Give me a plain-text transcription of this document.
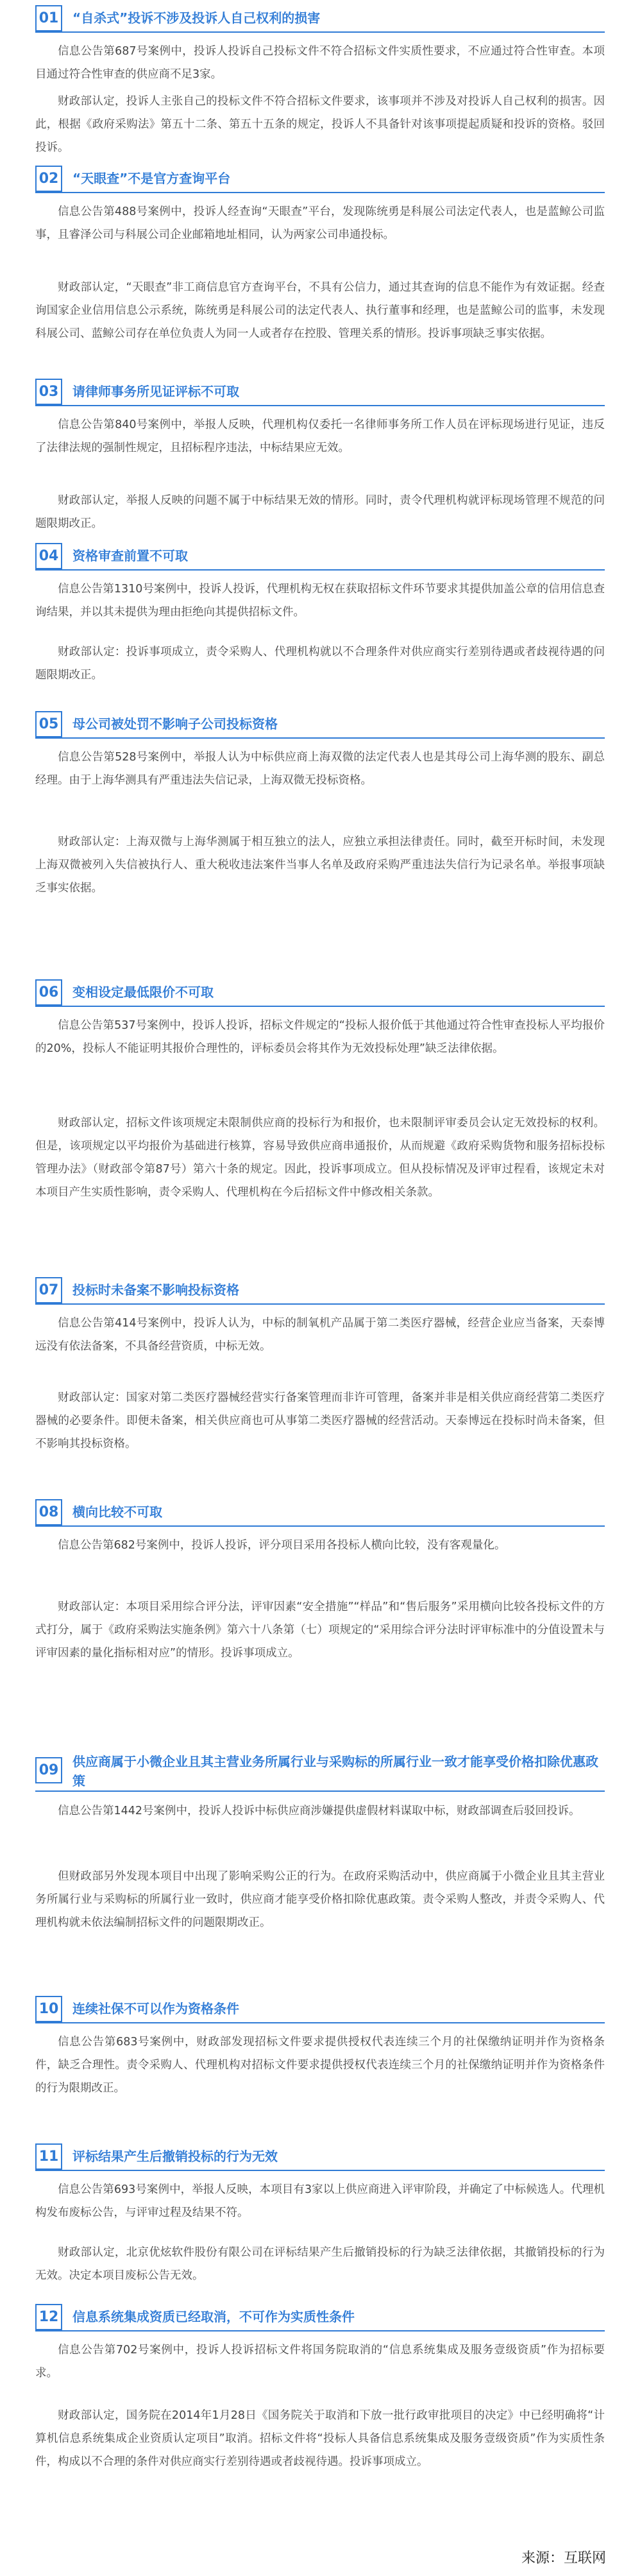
01 “自杀式”投诉不涉及投诉人自己权利的损害
信息公告第687号案例中，投诉人投诉自己投标文件不符合招标文件实质性要求，不应通过符合性审查。本项目通过符合性审查的供应商不足3家。
财政部认定，投诉人主张自己的投标文件不符合招标文件要求，该事项并不涉及对投诉人自己权利的损害。因此，根据《政府采购法》第五十二条、第五十五条的规定，投诉人不具备针对该事项提起质疑和投诉的资格。驳回投诉。
02 “天眼查”不是官方查询平台
信息公告第488号案例中，投诉人经查询“天眼查”平台，发现陈统勇是科展公司法定代表人，也是蓝鲸公司监事，且睿泽公司与科展公司企业邮箱地址相同，认为两家公司串通投标。
财政部认定，“天眼查”非工商信息官方查询平台，不具有公信力，通过其查询的信息不能作为有效证据。经查询国家企业信用信息公示系统，陈统勇是科展公司的法定代表人、执行董事和经理，也是蓝鲸公司的监事，未发现科展公司、蓝鲸公司存在单位负责人为同一人或者存在控股、管理关系的情形。投诉事项缺乏事实依据。
03 请律师事务所见证评标不可取
信息公告第840号案例中，举报人反映，代理机构仅委托一名律师事务所工作人员在评标现场进行见证，违反了法律法规的强制性规定，且招标程序违法，中标结果应无效。
财政部认定，举报人反映的问题不属于中标结果无效的情形。同时，责令代理机构就评标现场管理不规范的问题限期改正。
04 资格审查前置不可取
信息公告第1310号案例中，投诉人投诉，代理机构无权在获取招标文件环节要求其提供加盖公章的信用信息查询结果，并以其未提供为理由拒绝向其提供招标文件。
财政部认定：投诉事项成立，责令采购人、代理机构就以不合理条件对供应商实行差别待遇或者歧视待遇的问题限期改正。
05 母公司被处罚不影响子公司投标资格
信息公告第528号案例中，举报人认为中标供应商上海双微的法定代表人也是其母公司上海华测的股东、副总经理。由于上海华测具有严重违法失信记录，上海双微无投标资格。
财政部认定：上海双微与上海华测属于相互独立的法人，应独立承担法律责任。同时，截至开标时间，未发现上海双微被列入失信被执行人、重大税收违法案件当事人名单及政府采购严重违法失信行为记录名单。举报事项缺乏事实依据。
06 变相设定最低限价不可取
信息公告第537号案例中，投诉人投诉，招标文件规定的“投标人报价低于其他通过符合性审查投标人平均报价的20%，投标人不能证明其报价合理性的，评标委员会将其作为无效投标处理”缺乏法律依据。
财政部认定，招标文件该项规定未限制供应商的投标行为和报价，也未限制评审委员会认定无效投标的权利。但是，该项规定以平均报价为基础进行核算，容易导致供应商串通报价，从而规避《政府采购货物和服务招标投标管理办法》（财政部令第87号）第六十条的规定。因此，投诉事项成立。但从投标情况及评审过程看，该规定未对本项目产生实质性影响，责令采购人、代理机构在今后招标文件中修改相关条款。
07 投标时未备案不影响投标资格
信息公告第414号案例中，投诉人认为，中标的制氧机产品属于第二类医疗器械，经营企业应当备案，天泰博远没有依法备案，不具备经营资质，中标无效。
财政部认定：国家对第二类医疗器械经营实行备案管理而非许可管理，备案并非是相关供应商经营第二类医疗器械的必要条件。即便未备案，相关供应商也可从事第二类医疗器械的经营活动。天泰博远在投标时尚未备案，但不影响其投标资格。
08 横向比较不可取
信息公告第682号案例中，投诉人投诉，评分项目采用各投标人横向比较，没有客观量化。
财政部认定：本项目采用综合评分法，评审因素“安全措施”“样品”和“售后服务”采用横向比较各投标文件的方式打分，属于《政府采购法实施条例》第六十八条第（七）项规定的“采用综合评分法时评审标准中的分值设置未与评审因素的量化指标相对应”的情形。投诉事项成立。
09
供应商属于小微企业且其主营业务所属行业与采购标的所属行业一致才能享受价格扣除优惠政策
信息公告第1442号案例中，投诉人投诉中标供应商涉嫌提供虚假材料谋取中标，财政部调查后驳回投诉。
但财政部另外发现本项目中出现了影响采购公正的行为。在政府采购活动中，供应商属于小微企业且其主营业务所属行业与采购标的所属行业一致时，供应商才能享受价格扣除优惠政策。责令采购人整改，并责令采购人、代理机构就未依法编制招标文件的问题限期改正。
10 连续社保不可以作为资格条件
信息公告第683号案例中，财政部发现招标文件要求提供授权代表连续三个月的社保缴纳证明并作为资格条件，缺乏合理性。责令采购人、代理机构对招标文件要求提供授权代表连续三个月的社保缴纳证明并作为资格条件的行为限期改正。
11 评标结果产生后撤销投标的行为无效
信息公告第693号案例中，举报人反映，本项目有3家以上供应商进入评审阶段，并确定了中标候选人。代理机构发布废标公告，与评审过程及结果不符。
财政部认定，北京优炫软件股份有限公司在评标结果产生后撤销投标的行为缺乏法律依据，其撤销投标的行为无效。决定本项目废标公告无效。
12 信息系统集成资质已经取消，不可作为实质性条件
信息公告第702号案例中，投诉人投诉招标文件将国务院取消的“信息系统集成及服务壹级资质”作为招标要求。
财政部认定，国务院在2014年1月28日《国务院关于取消和下放一批行政审批项目的决定》中已经明确将“计算机信息系统集成企业资质认定项目”取消。招标文件将“投标人具备信息系统集成及服务壹级资质”作为实质性条件，构成以不合理的条件对供应商实行差别待遇或者歧视待遇。投诉事项成立。
来源：互联网
